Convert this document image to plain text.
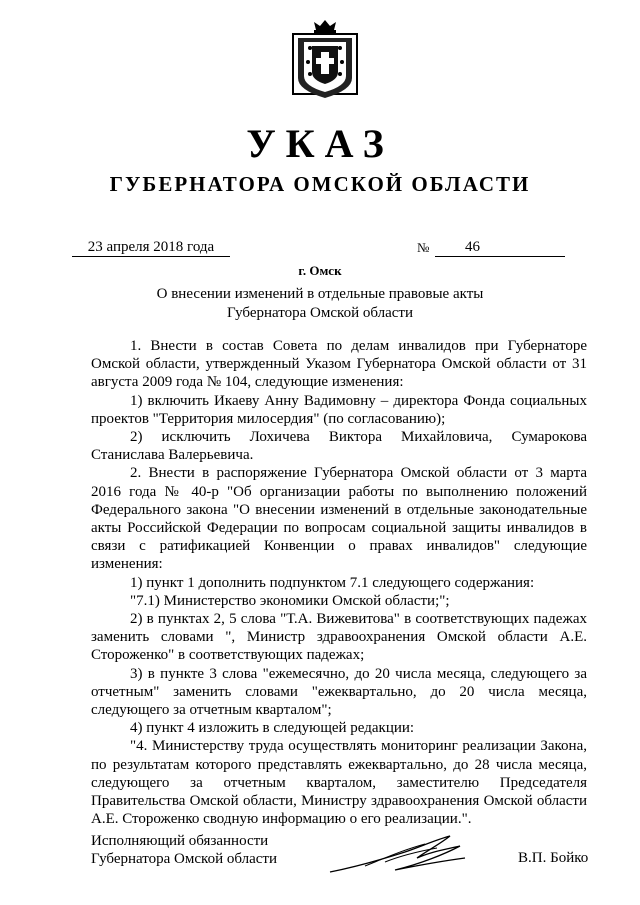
УКАЗ
ГУБЕРНАТОРА ОМСКОЙ ОБЛАСТИ
23 апреля 2018 года	№	46
г. Омск
О внесении изменений в отдельные правовые акты
Губернатора Омской области

1. Внести в состав Совета по делам инвалидов при Губернаторе Омской области, утвержденный Указом Губернатора Омской области от 31 августа 2009 года № 104, следующие изменения:

1) включить Икаеву Анну Вадимовну – директора Фонда социальных проектов "Территория милосердия" (по согласованию);

2) исключить Лохичева Виктора Михайловича, Сумарокова Станислава Валерьевича.

2. Внести в распоряжение Губернатора Омской области от 3 марта 2016 года № 40-р "Об организации работы по выполнению положений Федерального закона "О внесении изменений в отдельные законодательные акты Российской Федерации по вопросам социальной защиты инвалидов в связи с ратификацией Конвенции о правах инвалидов" следующие изменения:

1) пункт 1 дополнить подпунктом 7.1 следующего содержания:

"7.1) Министерство экономики Омской области;";

2) в пунктах 2, 5 слова "Т.А. Вижевитова" в соответствующих падежах заменить словами ", Министр здравоохранения Омской области А.Е. Стороженко" в соответствующих падежах;

3) в пункте 3 слова "ежемесячно, до 20 числа месяца, следующего за отчетным" заменить словами "ежеквартально, до 20 числа месяца, следующего за отчетным кварталом";

4) пункт 4 изложить в следующей редакции:

"4. Министерству труда осуществлять мониторинг реализации Закона, по результатам которого представлять ежеквартально, до 28 числа месяца, следующего за отчетным кварталом, заместителю Председателя Правительства Омской области, Министру здравоохранения Омской области А.Е. Стороженко сводную информацию о его реализации.".

Исполняющий обязанности
Губернатора Омской области	В.П. Бойко
